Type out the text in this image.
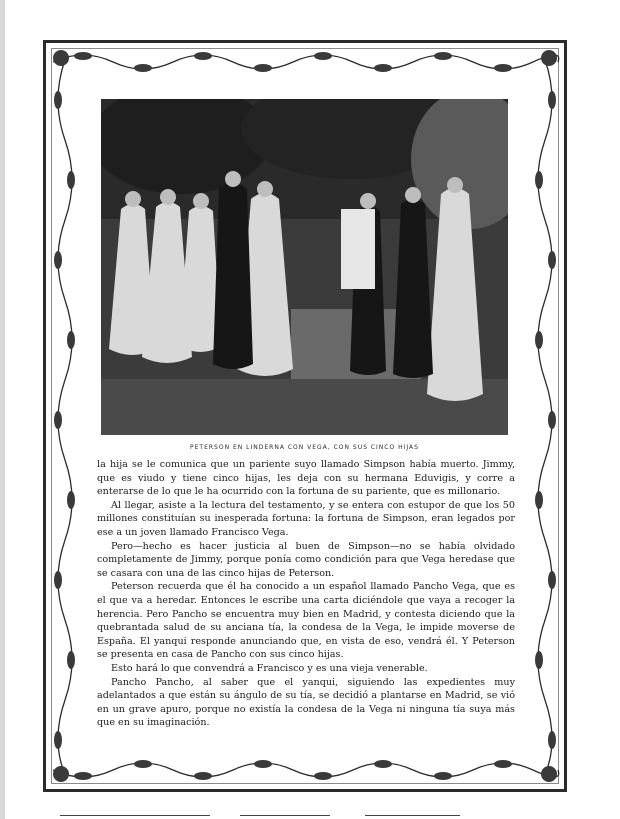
PETERSON EN LINDERNA CON VEGA, CON SUS CINCO HIJAS

la hija se le comunica que un pariente suyo llamado Simpson había muerto. Jimmy, que es viudo y tiene cinco hijas, les deja con su hermana Eduvigis, y corre a enterarse de lo que le ha ocurrido con la fortuna de su pariente, que es millonario.

Al llegar, asiste a la lectura del testamento, y se entera con estupor de que los 50 millones constituían su inesperada fortuna: la fortuna de Simpson, eran legados por ese a un joven llamado Francisco Vega.

Pero—hecho es hacer justicia al buen de Simpson—no se había olvidado completamente de Jimmy, porque ponía como condición para que Vega heredase que se casara con una de las cinco hijas de Peterson.

Peterson recuerda que él ha conocido a un español llamado Pancho Vega, que es el que va a heredar. Entonces le escribe una carta diciéndole que vaya a recoger la herencia. Pero Pancho se encuentra muy bien en Madrid, y contesta diciendo que la quebrantada salud de su anciana tía, la condesa de la Vega, le impide moverse de España. El yanqui responde anunciando que, en vista de eso, vendrá él. Y Peterson se presenta en casa de Pancho con sus cinco hijas.

Esto hará lo que convendrá a Francisco y es una vieja venerable.

Pancho Pancho, al saber que el yanqui, siguiendo las expedientes muy adelantados a que están su ángulo de su tía, se decidió a plantarse en Madrid, se vió en un grave apuro, porque no existía la condesa de la Vega ni ninguna tía suya más que en su imaginación.
